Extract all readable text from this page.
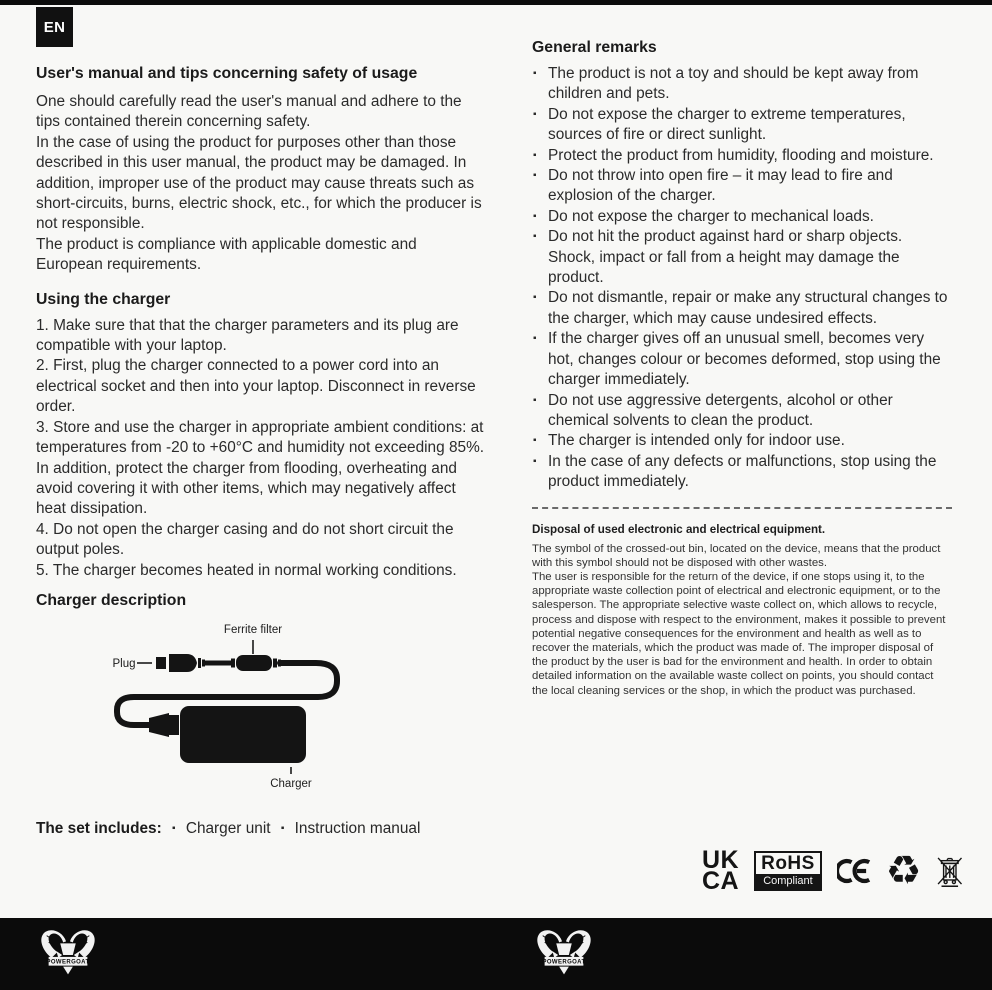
EN
User's manual and tips concerning safety of usage
One should carefully read the user's manual and adhere to the tips contained therein concerning safety.
In the case of using the product for purposes other than those described in this user manual, the product may be damaged. In addition, improper use of the product may cause threats such as short-circuits, burns, electric shock, etc., for which the producer is not responsible.
The product is compliance with applicable domestic and European requirements.
Using the charger
1. Make sure that that the charger parameters and its plug are compatible with your laptop.
2. First, plug the charger connected to a power cord into an electrical socket and then into your laptop. Disconnect in reverse order.
3. Store and use the charger in appropriate ambient conditions: at temperatures from -20 to +60°C and humidity not exceeding 85%. In addition, protect the charger from flooding, overheating and avoid covering it with other items, which may negatively affect heat dissipation.
4. Do not open the charger casing and do not short circuit the output poles.
5. The charger becomes heated in normal working conditions.
Charger description
Ferrite filter
Plug
Charger
The set includes: ▪ Charger unit ▪ Instruction manual
General remarks
▪ The product is not a toy and should be kept away from children and pets.
▪ Do not expose the charger to extreme temperatures, sources of fire or direct sunlight.
▪ Protect the product from humidity, flooding and moisture.
▪ Do not throw into open fire – it may lead to fire and explosion of the charger.
▪ Do not expose the charger to mechanical loads.
▪ Do not hit the product against hard or sharp objects. Shock, impact or fall from a height may damage the product.
▪ Do not dismantle, repair or make any structural changes to the charger, which may cause undesired effects.
▪ If the charger gives off an unusual smell, becomes very hot, changes colour or becomes deformed, stop using the charger immediately.
▪ Do not use aggressive detergents, alcohol or other chemical solvents to clean the product.
▪ The charger is intended only for indoor use.
▪ In the case of any defects or malfunctions, stop using the product immediately.
Disposal of used electronic and electrical equipment.
The symbol of the crossed-out bin, located on the device, means that the product with this symbol should not be disposed with other wastes.
The user is responsible for the return of the device, if one stops using it, to the appropriate waste collection point of electrical and electronic equipment, or to the salesperson. The appropriate selective waste collect on, which allows to recycle, process and dispose with respect to the environment, makes it possible to prevent potential negative consequences for the environment and health as well as to recover the materials, which the product was made of. The improper disposal of the product by the user is bad for the environment and health. In order to obtain detailed information on the available waste collect on points, you should contact the local cleaning services or the shop, in which the product was purchased.
UK
CA
RoHS
Compliant ♻
POWERGOAT	POWERGOAT
